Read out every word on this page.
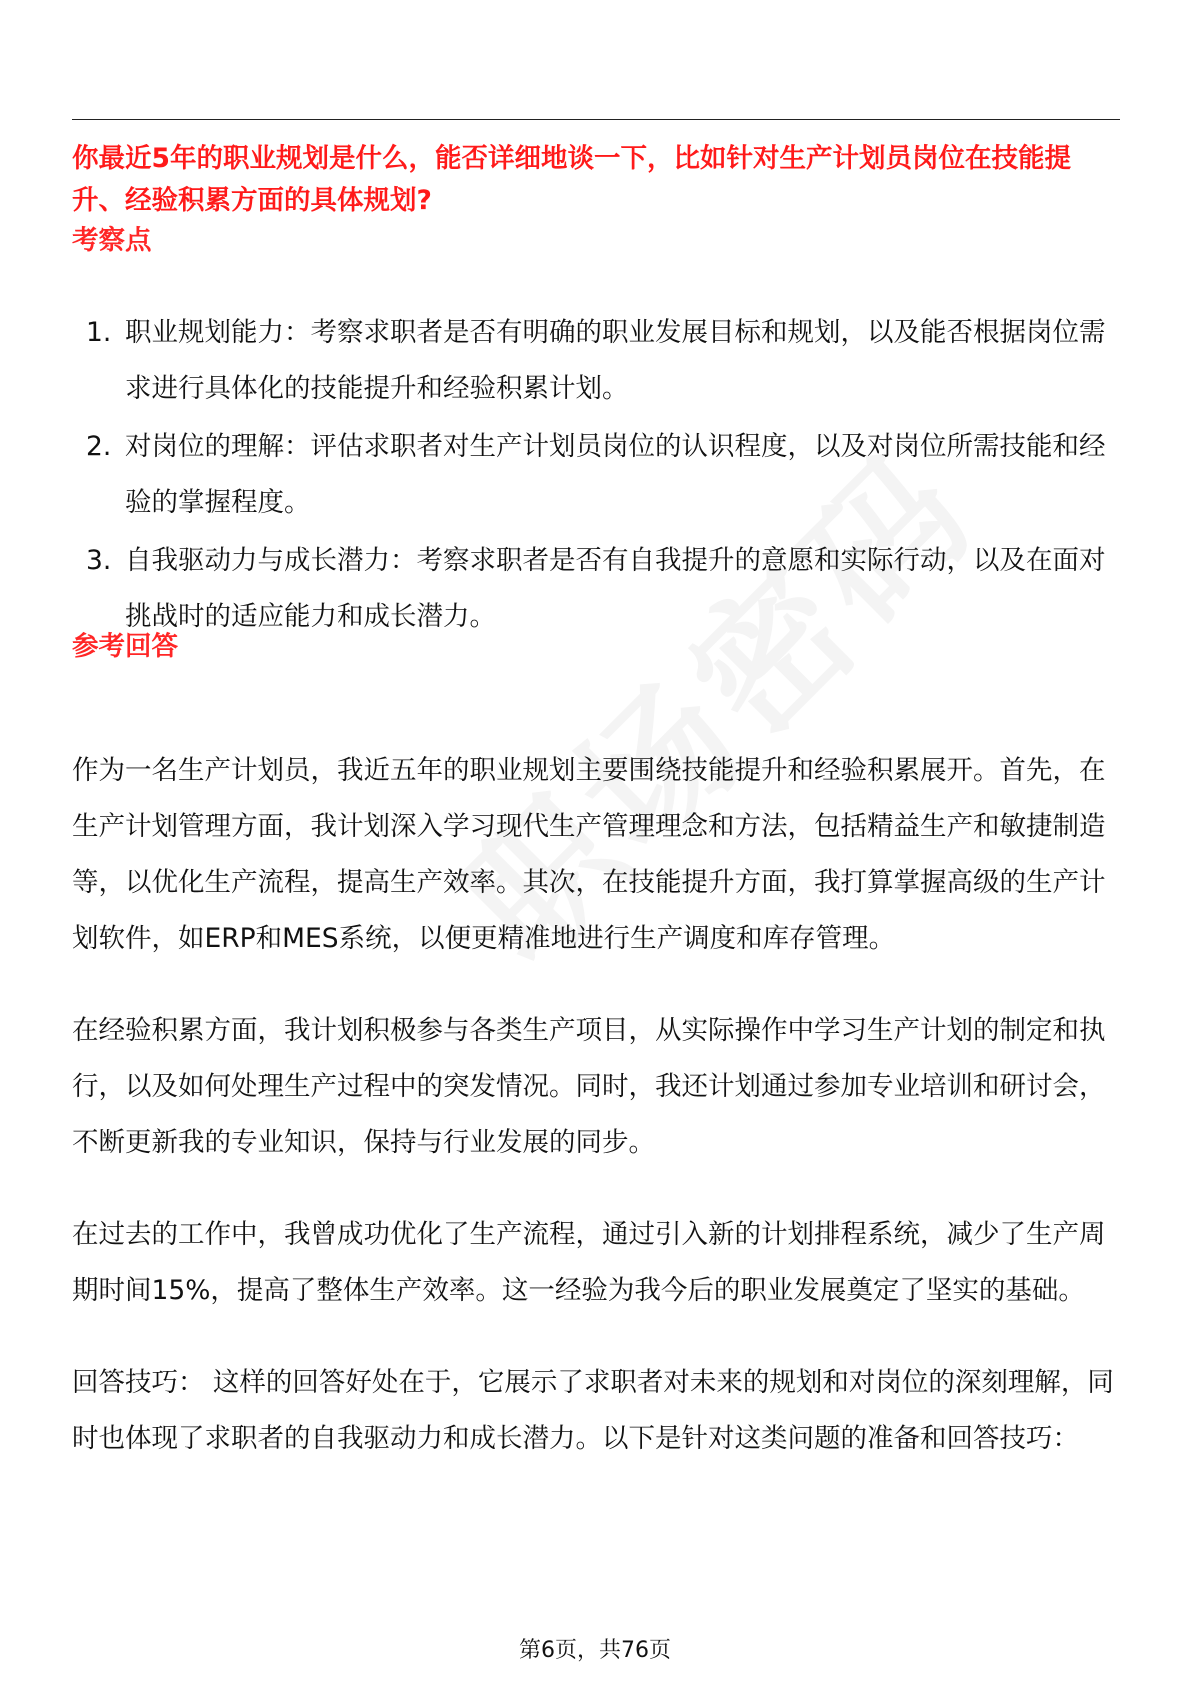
你最近5年的职业规划是什么，能否详细地谈一下，比如针对生产计划员岗位在技能提升、经验积累方面的具体规划?
考察点
1. 职业规划能力：考察求职者是否有明确的职业发展目标和规划，以及能否根据岗位需求进行具体化的技能提升和经验积累计划。
2. 对岗位的理解：评估求职者对生产计划员岗位的认识程度，以及对岗位所需技能和经验的掌握程度。
3. 自我驱动力与成长潜力：考察求职者是否有自我提升的意愿和实际行动，以及在面对挑战时的适应能力和成长潜力。
参考回答

作为一名生产计划员，我近五年的职业规划主要围绕技能提升和经验积累展开。首先，在生产计划管理方面，我计划深入学习现代生产管理理念和方法，包括精益生产和敏捷制造等，以优化生产流程，提高生产效率。其次，在技能提升方面，我打算掌握高级的生产计划软件，如ERP和MES系统，以便更精准地进行生产调度和库存管理。

在经验积累方面，我计划积极参与各类生产项目，从实际操作中学习生产计划的制定和执行，以及如何处理生产过程中的突发情况。同时，我还计划通过参加专业培训和研讨会，不断更新我的专业知识，保持与行业发展的同步。

在过去的工作中，我曾成功优化了生产流程，通过引入新的计划排程系统，减少了生产周期时间15%，提高了整体生产效率。这一经验为我今后的职业发展奠定了坚实的基础。

回答技巧： 这样的回答好处在于，它展示了求职者对未来的规划和对岗位的深刻理解，同时也体现了求职者的自我驱动力和成长潜力。以下是针对这类问题的准备和回答技巧：

第6页，共76页
